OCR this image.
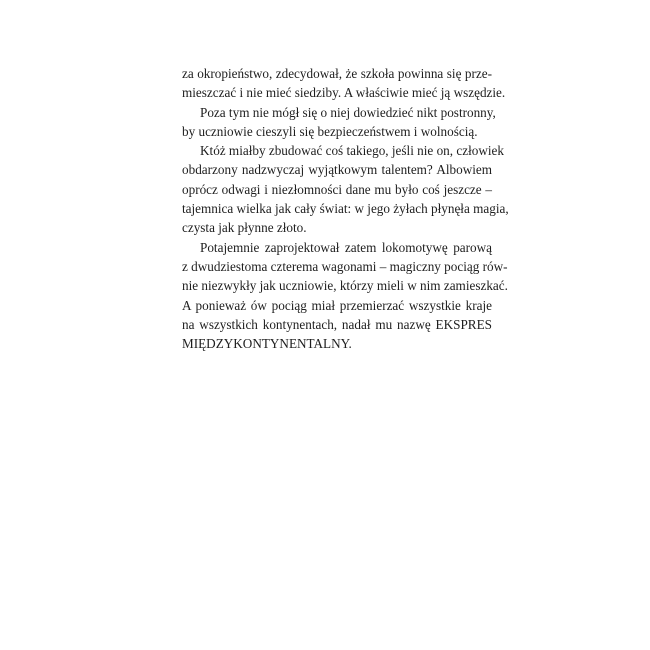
za okropieństwo, zdecydował, że szkoła powinna się prze-
mieszczać i nie mieć siedziby. A właściwie mieć ją wszędzie.

Poza tym nie mógł się o niej dowiedzieć nikt postronny,
by uczniowie cieszyli się bezpieczeństwem i wolnością.

Któż miałby zbudować coś takiego, jeśli nie on, człowiek
obdarzony nadzwyczaj wyjątkowym talentem? Albowiem
oprócz odwagi i niezłomności dane mu było coś jeszcze –
tajemnica wielka jak cały świat: w jego żyłach płynęła magia,
czysta jak płynne złoto.

Potajemnie zaprojektował zatem lokomotywę parową
z dwudziestoma czterema wagonami – magiczny pociąg rów-
nie niezwykły jak uczniowie, którzy mieli w nim zamieszkać.
A ponieważ ów pociąg miał przemierzać wszystkie kraje
na wszystkich kontynentach, nadał mu nazwę EKSPRES
MIĘDZYKONTYNENTALNY.
